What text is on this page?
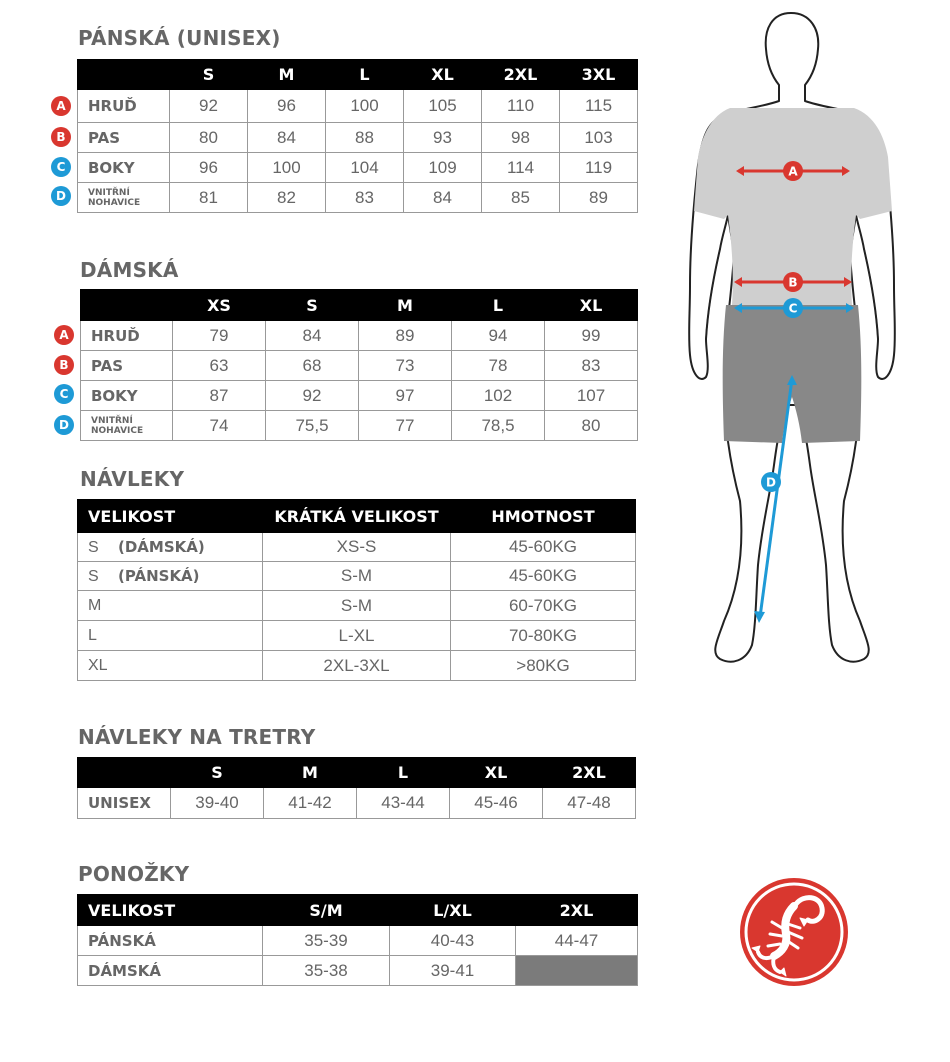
PÁNSKÁ (UNISEX)
A
B
C
D
	S	M	L	XL	2XL	3XL
HRUĎ	92	96	100	105	110	115
PAS	80	84	88	93	98	103
BOKY	96	100	104	109	114	119
VNITŘNÍ NOHAVICE	81	82	83	84	85	89
DÁMSKÁ
A
B
C
D
	XS	S	M	L	XL
HRUĎ	79	84	89	94	99
PAS	63	68	73	78	83
BOKY	87	92	97	102	107
VNITŘNÍ NOHAVICE	74	75,5	77	78,5	80
NÁVLEKY
VELIKOST	KRÁTKÁ VELIKOST	HMOTNOST
S (DÁMSKÁ)	XS-S	45-60KG
S (PÁNSKÁ)	S-M	45-60KG
M	S-M	60-70KG
L	L-XL	70-80KG
XL	2XL-3XL	>80KG
NÁVLEKY NA TRETRY
	S	M	L	XL	2XL
UNISEX	39-40	41-42	43-44	45-46	47-48
PONOŽKY
VELIKOST	S/M	L/XL	2XL
PÁNSKÁ	35-39	40-43	44-47
DÁMSKÁ	35-38	39-41	
A
B
C
D
